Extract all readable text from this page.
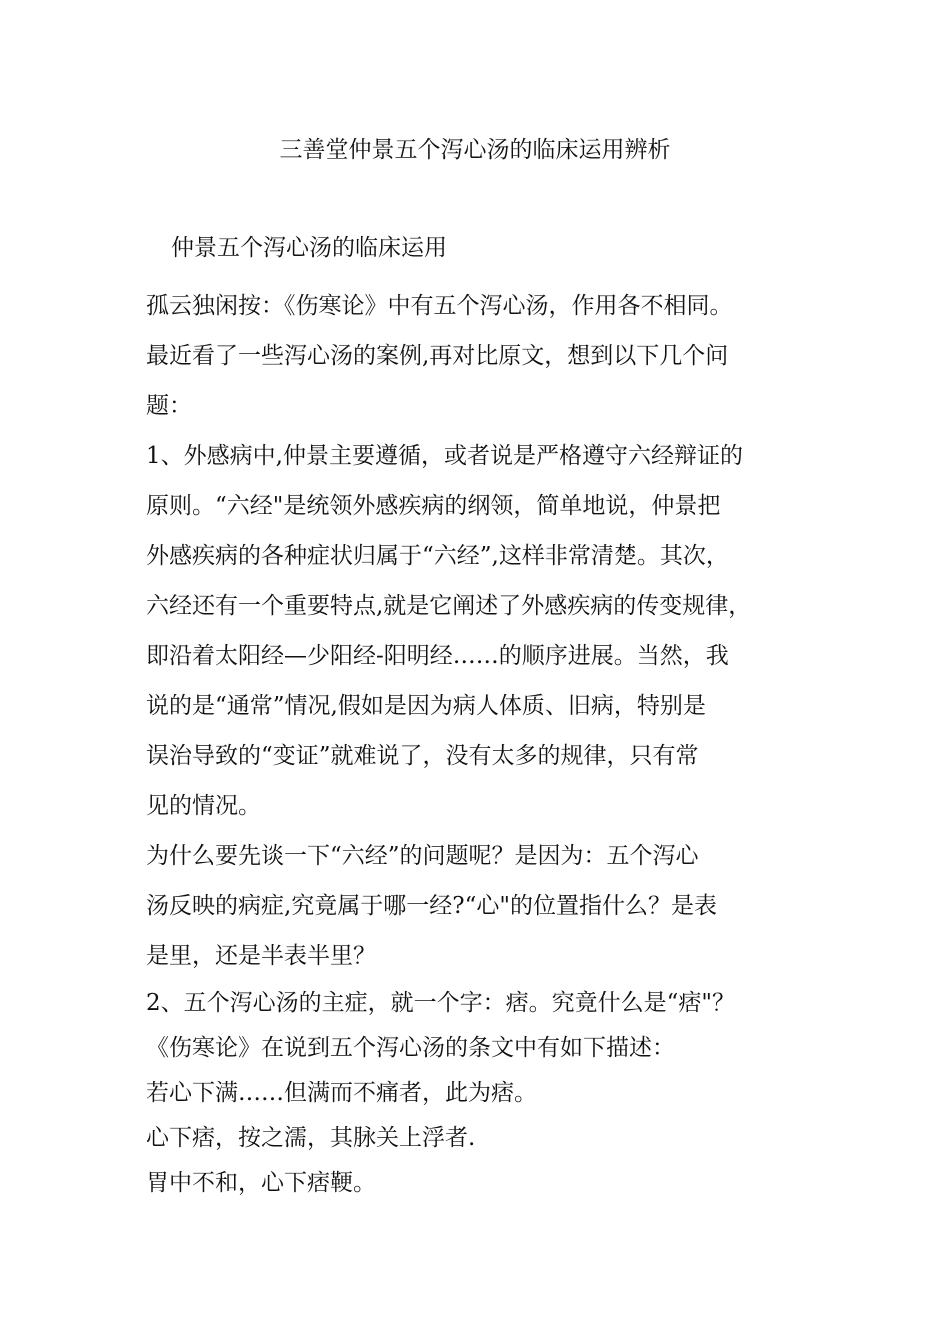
三善堂仲景五个泻心汤的临床运用辨析
仲景五个泻心汤的临床运用

孤云独闲按：《伤寒论》中有五个泻心汤，作用各不相同。

最近看了一些泻心汤的案例,再对比原文，想到以下几个问

题：

1、外感病中,仲景主要遵循，或者说是严格遵守六经辩证的

原则。“六经"是统领外感疾病的纲领，简单地说，仲景把

外感疾病的各种症状归属于“六经”,这样非常清楚。其次，

六经还有一个重要特点,就是它阐述了外感疾病的传变规律，

即沿着太阳经—少阳经-阳明经……的顺序进展。当然，我

说的是“通常”情况,假如是因为病人体质、旧病，特别是

误治导致的“变证”就难说了，没有太多的规律，只有常

见的情况。

为什么要先谈一下“六经”的问题呢？是因为：五个泻心

汤反映的病症,究竟属于哪一经?“心"的位置指什么？是表

是里，还是半表半里？

2、五个泻心汤的主症，就一个字：痞。究竟什么是“痞"？

《伤寒论》在说到五个泻心汤的条文中有如下描述：

若心下满……但满而不痛者，此为痞。

心下痞，按之濡，其脉关上浮者.

胃中不和，心下痞鞕。
